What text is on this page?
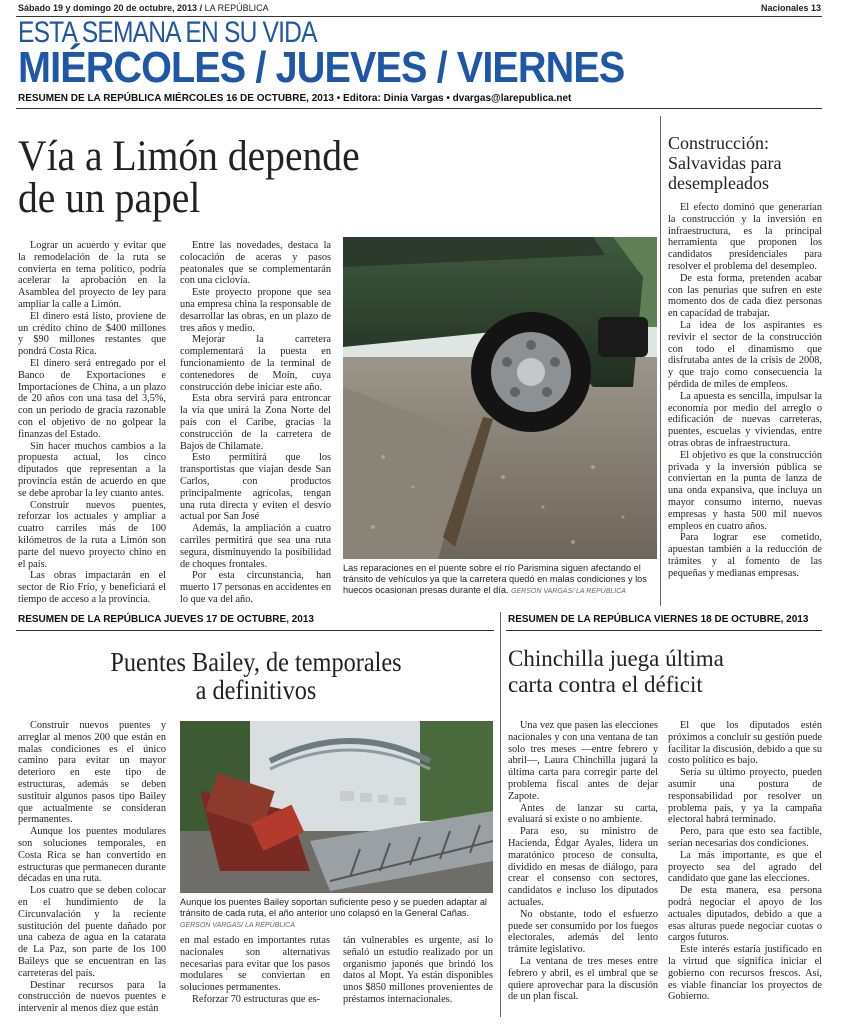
Sábado 19 y domingo 20 de octubre, 2013 / LA REPÚBLICA	Nacionales 13
ESTA SEMANA EN SU VIDA
MIÉRCOLES / JUEVES / VIERNES
RESUMEN DE LA REPÚBLICA MIÉRCOLES 16 DE OCTUBRE, 2013 • Editora: Dinia Vargas • dvargas@larepublica.net
Vía a Limón depende
de un papel

Lograr un acuerdo y evitar que la remodelación de la ruta se convierta en tema político, podría acelerar la aprobación en la Asamblea del proyecto de ley para ampliar la calle a Limón.

El dinero está listo, proviene de un crédito chino de $400 millones y $90 millones restantes que pondrá Costa Rica.

El dinero será entregado por el Banco de Exportaciones e Importaciones de China, a un plazo de 20 años con una tasa del 3,5%, con un periodo de gracia razonable con el objetivo de no golpear la finanzas del Estado.

Sin hacer muchos cambios a la propuesta actual, los cinco diputados que representan a la provincia están de acuerdo en que se debe aprobar la ley cuanto antes.

Construir nuevos puentes, reforzar los actuales y ampliar a cuatro carriles más de 100 kilómetros de la ruta a Limón son parte del nuevo proyecto chino en el país.

Las obras impactarán en el sector de Río Frío, y beneficiará el tiempo de acceso a la provincia.

Entre las novedades, destaca la colocación de aceras y pasos peatonales que se complementarán con una ciclovía.

Este proyecto propone que sea una empresa china la responsable de desarrollar las obras, en un plazo de tres años y medio.

Mejorar la carretera complementará la puesta en funcionamiento de la terminal de contenedores de Moín, cuya construcción debe iniciar este año.

Esta obra servirá para entroncar la vía que unirá la Zona Norte del país con el Caribe, gracias la construcción de la carretera de Bajos de Chilamate.

Esto permitirá que los transportistas que viajan desde San Carlos, con productos principalmente agrícolas, tengan una ruta directa y eviten el desvío actual por San José

Además, la ampliación a cuatro carriles permitirá que sea una ruta segura, disminuyendo la posibilidad de choques frontales.

Por esta circunstancia, han muerto 17 personas en accidentes en lo que va del año.

Las reparaciones en el puente sobre el río Parismina siguen afectando el tránsito de vehículos ya que la carretera quedó en malas condiciones y los huecos ocasionan presas durante el día. GERSON VARGAS/ LA REPÚBLICA
Construcción:
Salvavidas para
desempleados

El efecto dominó que generarían la construcción y la inversión en infraestructura, es la principal herramienta que proponen los candidatos presidenciales para resolver el problema del desempleo.

De esta forma, pretenden acabar con las penurias que sufren en este momento dos de cada diez personas en capacidad de trabajar.

La idea de los aspirantes es revivir el sector de la construcción con todo el dinamismo que disfrutaba antes de la crisis de 2008, y que trajo como consecuencia la pérdida de miles de empleos.

La apuesta es sencilla, impulsar la economía por medio del arreglo o edificación de nuevas carreteras, puentes, escuelas y viviendas, entre otras obras de infraestructura.

El objetivo es que la construcción privada y la inversión pública se conviertan en la punta de lanza de una onda expansiva, que incluya un mayor consumo interno, nuevas empresas y hasta 500 mil nuevos empleos en cuatro años.

Para lograr ese cometido, apuestan también a la reducción de trámites y al fomento de las pequeñas y medianas empresas.

RESUMEN DE LA REPÚBLICA JUEVES 17 DE OCTUBRE, 2013	RESUMEN DE LA REPÚBLICA VIERNES 18 DE OCTUBRE, 2013
Puentes Bailey, de temporales
a definitivos

Construir nuevos puentes y arreglar al menos 200 que están en malas condiciones es el único camino para evitar un mayor deterioro en este tipo de estructuras, además se deben sustituir algunos pasos tipo Bailey que actualmente se consideran permanentes.

Aunque los puentes modulares son soluciones temporales, en Costa Rica se han convertido en estructuras que permanecen durante décadas en una ruta.

Los cuatro que se deben colocar en el hundimiento de la Circunvalación y la reciente sustitución del puente dañado por una cabeza de agua en la catarata de La Paz, son parte de los 100 Baileys que se encuentran en las carreteras del país.

Destinar recursos para la construcción de nuevos puentes e intervenir al menos diez que están

Aunque los puentes Bailey soportan suficiente peso y se pueden adaptar al tránsito de cada ruta, el año anterior uno colapsó en la General Cañas. GERSON VARGAS/ LA REPÚBLICA

en mal estado en importantes rutas nacionales son alternativas necesarias para evitar que los pasos modulares se conviertan en soluciones permanentes.

Reforzar 70 estructuras que es-

tán vulnerables es urgente, así lo señaló un estudio realizado por un organismo japonés que brindó los datos al Mopt. Ya están disponibles unos $850 millones provenientes de préstamos internacionales.

Chinchilla juega última
carta contra el déficit

Una vez que pasen las elecciones nacionales y con una ventana de tan solo tres meses —entre febrero y abril—, Laura Chinchilla jugará la última carta para corregir parte del problema fiscal antes de dejar Zapote.

Antes de lanzar su carta, evaluará si existe o no ambiente.

Para eso, su ministro de Hacienda, Édgar Ayales, lidera un maratónico proceso de consulta, dividido en mesas de diálogo, para crear el consenso con sectores, candidatos e incluso los diputados actuales.

No obstante, todo el esfuerzo puede ser consumido por los fuegos electorales, además del lento trámite legislativo.

La ventana de tres meses entre febrero y abril, es el umbral que se quiere aprovechar para la discusión de un plan fiscal.

El que los diputados estén próximos a concluir su gestión puede facilitar la discusión, debido a que su costo político es bajo.

Sería su último proyecto, pueden asumir una postura de responsabilidad por resolver un problema país, y ya la campaña electoral habrá terminado.

Pero, para que esto sea factible, serían necesarias dos condiciones.

La más importante, es que el proyecto sea del agrado del candidato que gane las elecciones.

De esta manera, esa persona podrá negociar el apoyo de los actuales diputados, debido a que a esas alturas puede negociar cuotas o cargos futuros.

Este interés estaría justificado en la virtud que significa iniciar el gobierno con recursos frescos. Así, es viable financiar los proyectos de Gobierno.
